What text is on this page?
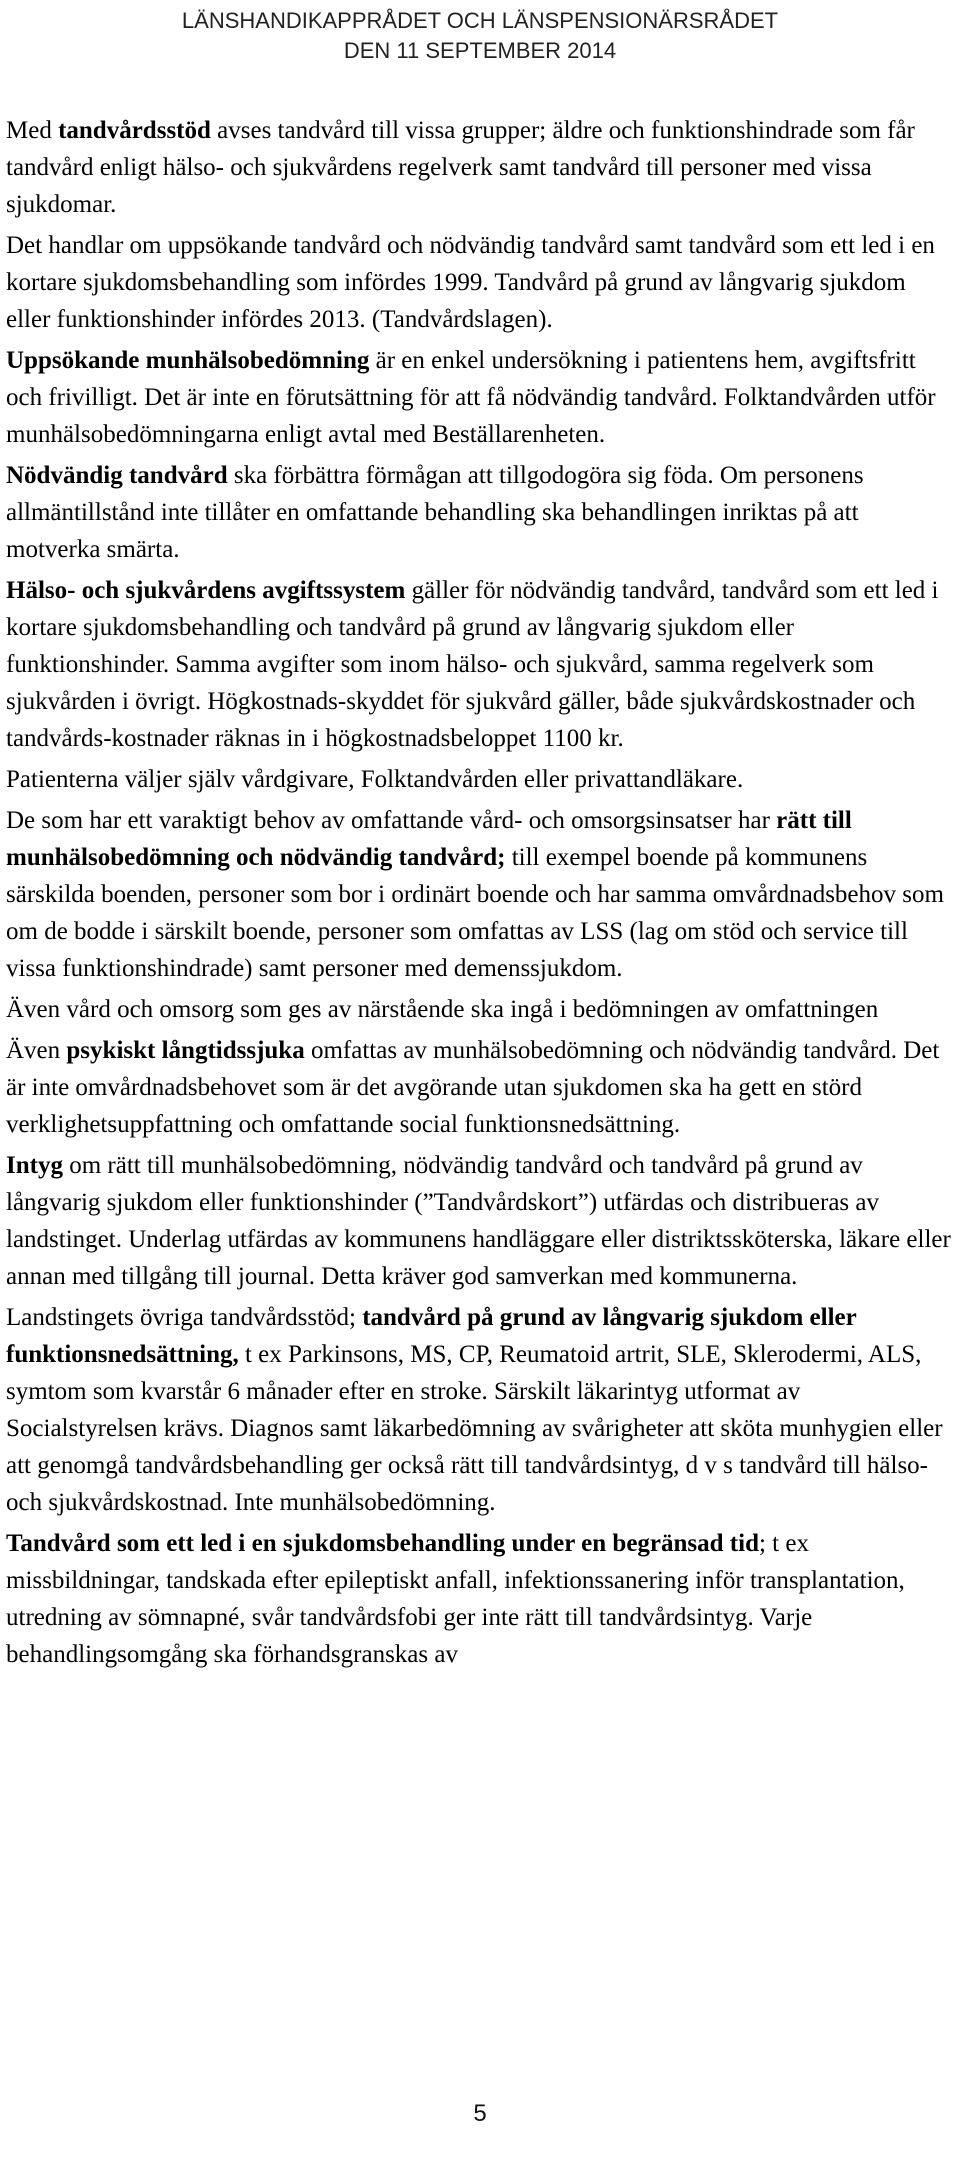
LÄNSHANDIKAPPRÅDET OCH LÄNSPENSIONÄRSRÅDET
DEN 11 SEPTEMBER 2014

Med tandvårdsstöd avses tandvård till vissa grupper; äldre och funktionshindrade som får tandvård enligt hälso- och sjukvårdens regelverk samt tandvård till personer med vissa sjukdomar.

Det handlar om uppsökande tandvård och nödvändig tandvård samt tandvård som ett led i en kortare sjukdomsbehandling som infördes 1999. Tandvård på grund av långvarig sjukdom eller funktionshinder infördes 2013. (Tandvårdslagen).

Uppsökande munhälsobedömning är en enkel undersökning i patientens hem, avgiftsfritt och frivilligt. Det är inte en förutsättning för att få nödvändig tandvård. Folktandvården utför munhälsobedömningarna enligt avtal med Beställarenheten.

Nödvändig tandvård ska förbättra förmågan att tillgodogöra sig föda. Om personens allmäntillstånd inte tillåter en omfattande behandling ska behandlingen inriktas på att motverka smärta.

Hälso- och sjukvårdens avgiftssystem gäller för nödvändig tandvård, tandvård som ett led i kortare sjukdomsbehandling och tandvård på grund av långvarig sjukdom eller funktionshinder. Samma avgifter som inom hälso- och sjukvård, samma regelverk som sjukvården i övrigt. Högkostnads-skyddet för sjukvård gäller, både sjukvårdskostnader och tandvårds-kostnader räknas in i högkostnadsbeloppet 1100 kr.

Patienterna väljer själv vårdgivare, Folktandvården eller privattandläkare.

De som har ett varaktigt behov av omfattande vård- och omsorgsinsatser har rätt till munhälsobedömning och nödvändig tandvård; till exempel boende på kommunens särskilda boenden, personer som bor i ordinärt boende och har samma omvårdnadsbehov som om de bodde i särskilt boende, personer som omfattas av LSS (lag om stöd och service till vissa funktionshindrade) samt personer med demenssjukdom.

Även vård och omsorg som ges av närstående ska ingå i bedömningen av omfattningen

Även psykiskt långtidssjuka omfattas av munhälsobedömning och nödvändig tandvård. Det är inte omvårdnadsbehovet som är det avgörande utan sjukdomen ska ha gett en störd verklighetsuppfattning och omfattande social funktionsnedsättning.

Intyg om rätt till munhälsobedömning, nödvändig tandvård och tandvård på grund av långvarig sjukdom eller funktionshinder (”Tandvårdskort”) utfärdas och distribueras av landstinget. Underlag utfärdas av kommunens handläggare eller distriktssköterska, läkare eller annan med tillgång till journal. Detta kräver god samverkan med kommunerna.

Landstingets övriga tandvårdsstöd; tandvård på grund av långvarig sjukdom eller funktionsnedsättning, t ex Parkinsons, MS, CP, Reumatoid artrit, SLE, Sklerodermi, ALS, symtom som kvarstår 6 månader efter en stroke. Särskilt läkarintyg utformat av Socialstyrelsen krävs. Diagnos samt läkarbedömning av svårigheter att sköta munhygien eller att genomgå tandvårdsbehandling ger också rätt till tandvårdsintyg, d v s tandvård till hälso- och sjukvårdskostnad. Inte munhälsobedömning.

Tandvård som ett led i en sjukdomsbehandling under en begränsad tid; t ex missbildningar, tandskada efter epileptiskt anfall, infektionssanering inför transplantation, utredning av sömnapné, svår tandvårdsfobi ger inte rätt till tandvårdsintyg. Varje behandlingsomgång ska förhandsgranskas av

5
